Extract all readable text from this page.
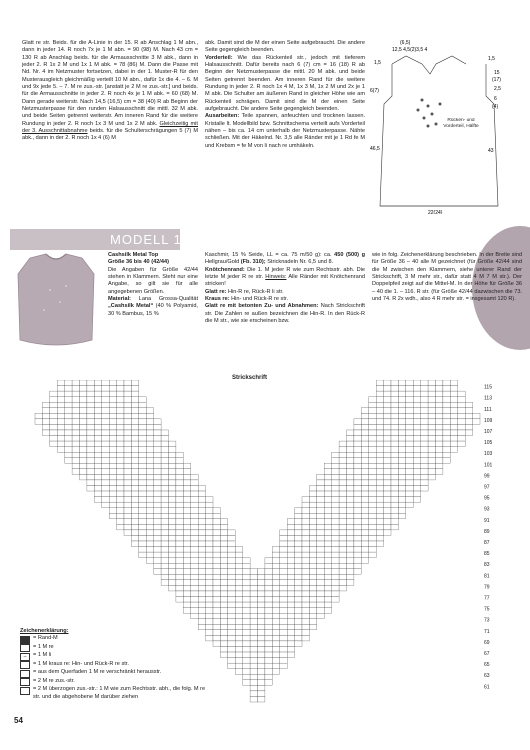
Glatt re str. Beids. für die A-Linie in der 15. R ab Anschlag 1 M abn., dann in jeder 14. R noch 7x je 1 M abn. = 90 (98) M. Nach 43 cm = 130 R ab Anschlag beids. für die Armausschnitte 3 M abk., dann in jeder 2. R 1x 2 M und 1x 1 M abk. = 78 (86) M. Dann die Passe mit Nd. Nr. 4 im Netzmuster fortsetzen, dabei in der 1. Muster-R für den Musterausgleich gleichmäßig verteilt 10 M abn., dafür 1x die 4. – 6. M und 9x jede 5. – 7. M re zus.-str. [anstatt je 2 M re zus.-str.] und beids. für die Armausschnitte in jeder 2. R noch 4x je 1 M abk. = 60 (68) M. Dann gerade weiterstr. Nach 14,5 (16,5) cm = 38 (40) R ab Beginn der Netzmusterpasse für den runden Halsausschnitt die mittl. 32 M abk. und beide Seiten getrennt weiterstr. Am inneren Rand für die weitere Rundung in jeder 2. R noch 1x 3 M und 1x 2 M abk. Gleichzeitig mit der 3. Ausschnittabnahme beids. für die Schulterschrägungen 5 (7) M abk., dann in der 2. R noch 1x 4 (6) M

abk. Damit sind die M der einen Seite aufgebraucht. Die andere Seite gegengleich beenden.
Vorderteil: Wie das Rückenteil str., jedoch mit tieferem Halsausschnitt. Dafür bereits nach 6 (7) cm = 16 (18) R ab Beginn der Netzmusterpasse die mittl. 20 M abk. und beide Seiten getrennt beenden. Am inneren Rand für die weitere Rundung in jeder 2. R noch 1x 4 M, 1x 3 M, 1x 2 M und 2x je 1 M abk. Die Schulter am äußeren Rand in gleicher Höhe wie am Rückenteil schrägen. Damit sind die M der einen Seite aufgebraucht. Die andere Seite gegengleich beenden.
Ausarbeiten: Teile spannen, anfeuchten und trocknen lassen. Kristalle lt. Modellbild bzw. Schnittschema verteilt aufs Vorderteil nähen – bis ca. 14 cm unterhalb der Netzmusterpasse. Nähte schließen. Mit der Häkelnd. Nr. 3,5 alle Ränder mit je 1 Rd fe M und Krebsm = fe M von li nach re umhäkeln.

(6,5)
12,5 4,5(2)3,5 4
1,5
6(7)
1,5
15
(17)
2,5
6
(4)
46,5	43
Rücken- und Vorderteil, Hälfte
22(24)
MODELL 13

Cashsilk Metal Top
Größe 36 bis 40 (42/44)
Die Angaben für Größe 42/44 stehen in Klammern. Steht nur eine Angabe, so gilt sie für alle angegebenen Größen.
Material: Lana Grossa-Qualität „Cashsilk Metal“ (40 % Polyamid, 30 % Bambus, 15 %

Kaschmir, 15 % Seide, LL = ca. 75 m/50 g): ca. 450 (500) g Hellgrau/Gold (Fb. 310); Stricknadeln Nr. 6,5 und 8.
Knötchenrand: Die 1. M jeder R wie zum Rechtsstr. abh. Die letzte M jeder R re str. Hinweis: Alle Ränder mit Knötchenrand stricken!
Glatt re: Hin-R re, Rück-R li str.
Kraus re: Hin- und Rück-R re str.
Glatt re mit betonten Zu- und Abnahmen: Nach Strickschrift str. Die Zahlen re außen bezeichnen die Hin-R. In den Rück-R die M str., wie sie erscheinen bzw.

wie in folg. Zeichenerklärung beschrieben. In der Breite sind für Größe 36 – 40 alle M gezeichnet (für Größe 42/44 sind die M zwischen den Klammern, siehe unterer Rand der Strickschrift, 3 M mehr str., dafür statt 4 M 7 M str.). Der Doppelpfeil zeigt auf die Mittel-M. In der Höhe für Größe 36 – 40 die 1. – 116. R str. (für Größe 42/44 dazwischen die 73. und 74. R 2x wdh., also 4 R mehr str. = insgesamt 120 R).

Strickschrift
115
113
111
109
107
105
103
101
99
97
95
93
91
89
87
85
83
81
79
77
75
73
71
69
67
65
63
61
Zeichenerklärung:
= Rand-M
= 1 M re
–	= 1 M li
= 1 M kraus re: Hin- und Rück-R re str.
= aus dem Querfaden 1 M re verschränkt herausstr.
= 2 M re zus.-str.
= 2 M überzogen zus.-str.: 1 M wie zum Rechtsstr. abh., die folg. M re str. und die abgehobene M darüber ziehen
54
